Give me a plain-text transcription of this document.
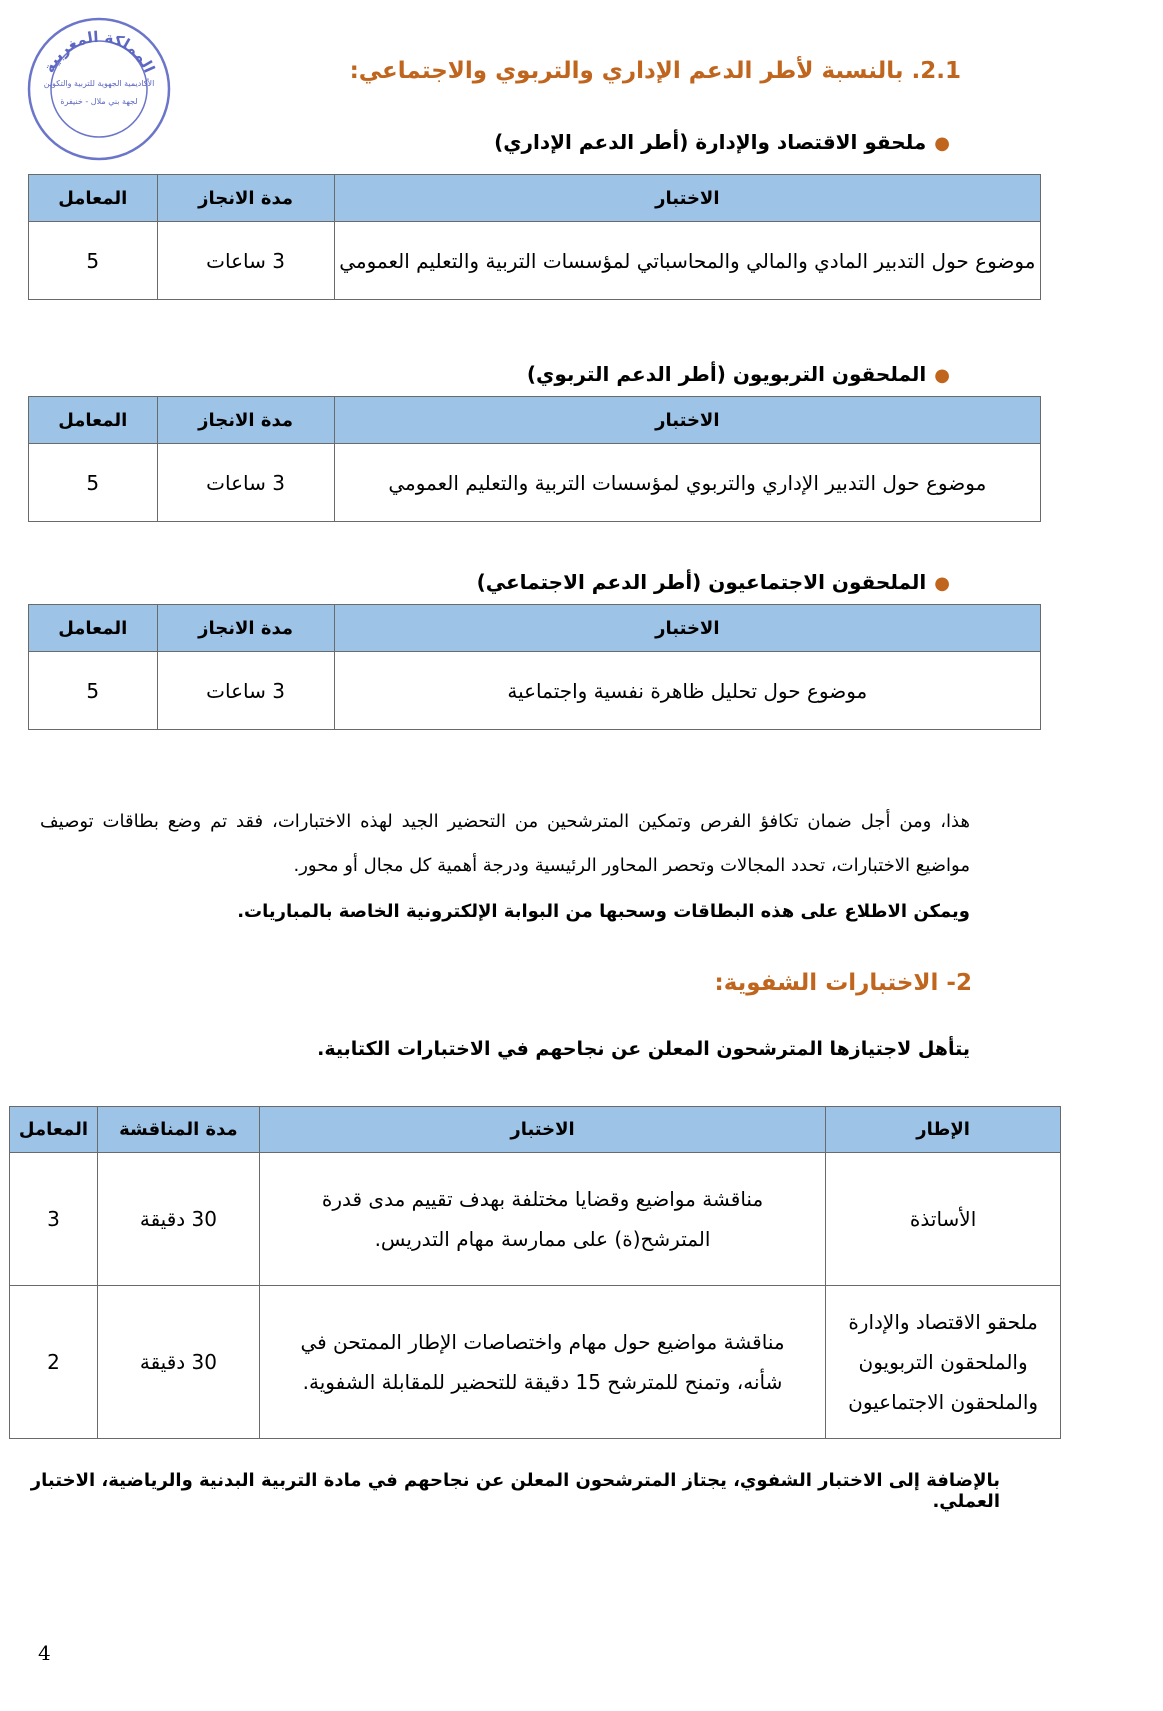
المملكة المغربية
الأكاديمية الجهوية للتربية والتكوين
لجهة بني ملال - خنيفرة
2.1. بالنسبة لأطر الدعم الإداري والتربوي والاجتماعي:
●ملحقو الاقتصاد والإدارة (أطر الدعم الإداري)
الاختبار	مدة الانجاز	المعامل
موضوع حول التدبير المادي والمالي والمحاسباتي لمؤسسات التربية والتعليم العمومي	3 ساعات	5
●الملحقون التربويون (أطر الدعم التربوي)
الاختبار	مدة الانجاز	المعامل
موضوع حول التدبير الإداري والتربوي لمؤسسات التربية والتعليم العمومي	3 ساعات	5
●الملحقون الاجتماعيون (أطر الدعم الاجتماعي)
الاختبار	مدة الانجاز	المعامل
موضوع حول تحليل ظاهرة نفسية واجتماعية	3 ساعات	5
هذا، ومن أجل ضمان تكافؤ الفرص وتمكين المترشحين من التحضير الجيد لهذه الاختبارات، فقد تم وضع بطاقات توصيف مواضيع الاختبارات، تحدد المجالات وتحصر المحاور الرئيسية ودرجة أهمية كل مجال أو محور.
ويمكن الاطلاع على هذه البطاقات وسحبها من البوابة الإلكترونية الخاصة بالمباريات.
2- الاختبارات الشفوية:
يتأهل لاجتيازها المترشحون المعلن عن نجاحهم في الاختبارات الكتابية.
الإطار	الاختبار	مدة المناقشة	المعامل
الأساتذة	مناقشة مواضيع وقضايا مختلفة بهدف تقييم مدى قدرة المترشح(ة) على ممارسة مهام التدريس.	30 دقيقة	3
ملحقو الاقتصاد والإدارة والملحقون التربويون والملحقون الاجتماعيون	مناقشة مواضيع حول مهام واختصاصات الإطار الممتحن في شأنه، وتمنح للمترشح 15 دقيقة للتحضير للمقابلة الشفوية.	30 دقيقة	2
بالإضافة إلى الاختبار الشفوي، يجتاز المترشحون المعلن عن نجاحهم في مادة التربية البدنية والرياضية، الاختبار العملي.
4
